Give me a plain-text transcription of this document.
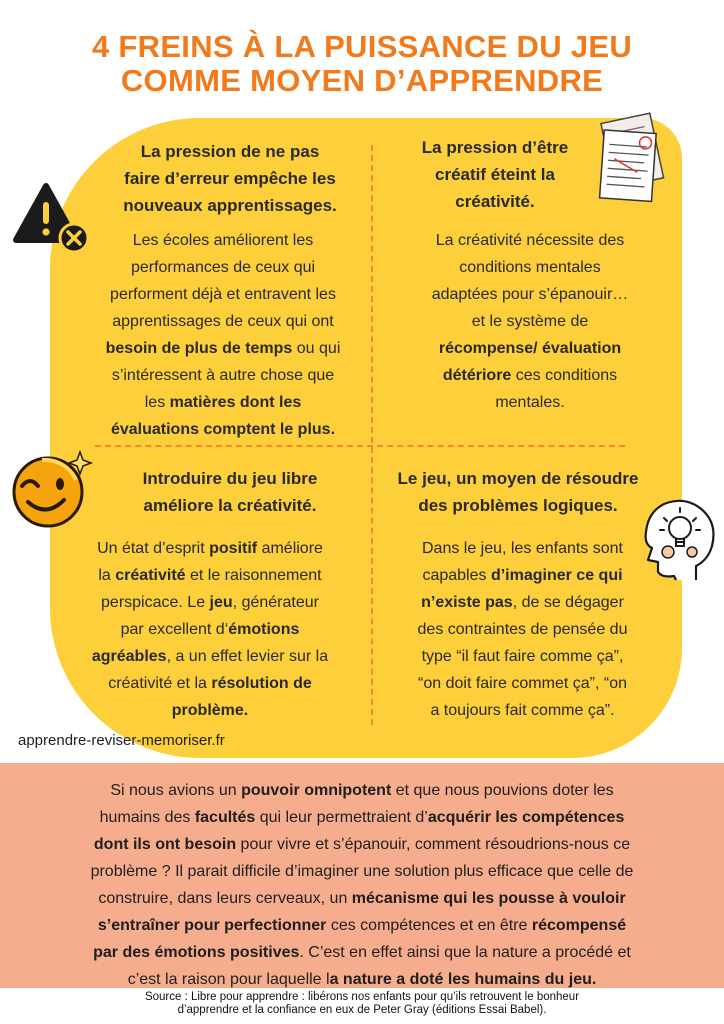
4 FREINS À LA PUISSANCE DU JEU
COMME MOYEN D’APPRENDRE
La pression de ne pas
faire d’erreur empêche les
nouveaux apprentissages.
Les écoles améliorent les
performances de ceux qui
performent déjà et entravent les
apprentissages de ceux qui ont
besoin de plus de temps ou qui
s’intéressent à autre chose que
les matières dont les
évaluations comptent le plus.
La pression d’être
créatif éteint la
créativité.
La créativité nécessite des
conditions mentales
adaptées pour s’épanouir…
et le système de
récompense/ évaluation
détériore ces conditions
mentales.
Introduire du jeu libre
améliore la créativité.
Un état d’esprit positif améliore
la créativité et le raisonnement
perspicace. Le jeu, générateur
par excellent d‘émotions
agréables, a un effet levier sur la
créativité et la résolution de
problème.
Le jeu, un moyen de résoudre
des problèmes logiques.
Dans le jeu, les enfants sont
capables d’imaginer ce qui
n’existe pas, de se dégager
des contraintes de pensée du
type “il faut faire comme ça”,
“on doit faire commet ça”, “on
a toujours fait comme ça”.
apprendre-reviser-memoriser.fr

Si nous avions un pouvoir omnipotent et que nous pouvions doter les
humains des facultés qui leur permettraient d’acquérir les compétences
dont ils ont besoin pour vivre et s’épanouir, comment résoudrions-nous ce
problème ? Il parait difficile d’imaginer une solution plus efficace que celle de
construire, dans leurs cerveaux, un mécanisme qui les pousse à vouloir
s’entraîner pour perfectionner ces compétences et en être récompensé
par des émotions positives. C’est en effet ainsi que la nature a procédé et
c’est la raison pour laquelle la nature a doté les humains du jeu.

Source : Libre pour apprendre : libérons nos enfants pour qu’ils retrouvent le bonheur
d’apprendre et la confiance en eux de Peter Gray (éditions Essai Babel).
